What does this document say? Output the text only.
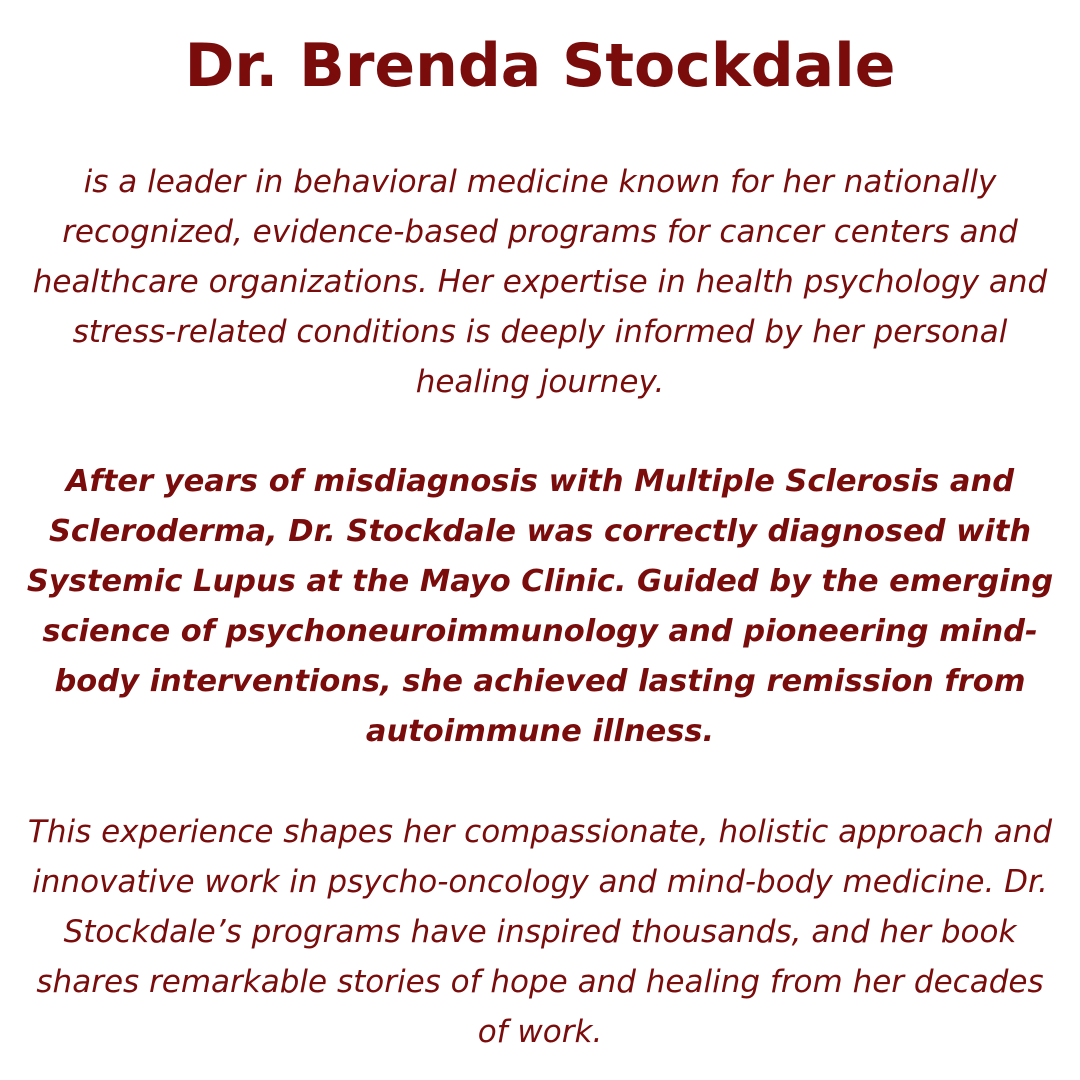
Dr. Brenda Stockdale

is a leader in behavioral medicine known for her nationally recognized, evidence-based programs for cancer centers and healthcare organizations. Her expertise in health psychology and stress-related conditions is deeply informed by her personal healing journey.

After years of misdiagnosis with Multiple Sclerosis and Scleroderma, Dr. Stockdale was correctly diagnosed with Systemic Lupus at the Mayo Clinic. Guided by the emerging science of psychoneuroimmunology and pioneering mind-body interventions, she achieved lasting remission from autoimmune illness.

This experience shapes her compassionate, holistic approach and innovative work in psycho-oncology and mind-body medicine. Dr. Stockdale’s programs have inspired thousands, and her book shares remarkable stories of hope and healing from her decades of work.
